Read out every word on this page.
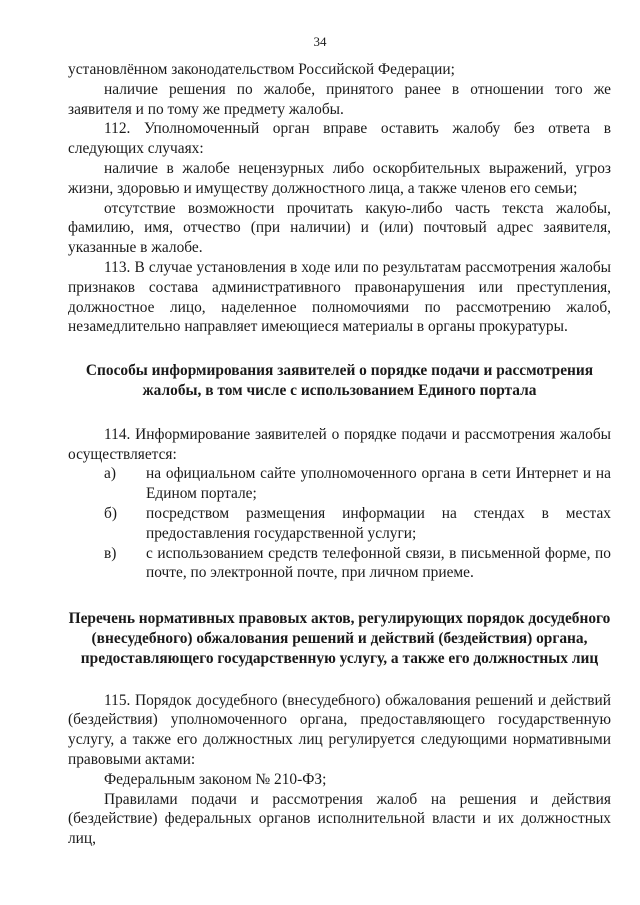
34

установлённом законодательством Российской Федерации;

наличие решения по жалобе, принятого ранее в отношении того же заявителя и по тому же предмету жалобы.

112. Уполномоченный орган вправе оставить жалобу без ответа в следующих случаях:

наличие в жалобе нецензурных либо оскорбительных выражений, угроз жизни, здоровью и имуществу должностного лица, а также членов его семьи;

отсутствие возможности прочитать какую-либо часть текста жалобы, фамилию, имя, отчество (при наличии) и (или) почтовый адрес заявителя, указанные в жалобе.

113. В случае установления в ходе или по результатам рассмотрения жалобы признаков состава административного правонарушения или преступления, должностное лицо, наделенное полномочиями по рассмотрению жалоб, незамедлительно направляет имеющиеся материалы в органы прокуратуры.

Способы информирования заявителей о порядке подачи и рассмотрения жалобы, в том числе с использованием Единого портала

114. Информирование заявителей о порядке подачи и рассмотрения жалобы осуществляется:

а)	на официальном сайте уполномоченного органа в сети Интернет и на Едином портале;
б)	посредством размещения информации на стендах в местах предоставления государственной услуги;
в)	с использованием средств телефонной связи, в письменной форме, по почте, по электронной почте, при личном приеме.

Перечень нормативных правовых актов, регулирующих порядок досудебного (внесудебного) обжалования решений и действий (бездействия) органа, предоставляющего государственную услугу, а также его должностных лиц

115. Порядок досудебного (внесудебного) обжалования решений и действий (бездействия) уполномоченного органа, предоставляющего государственную услугу, а также его должностных лиц регулируется следующими нормативными правовыми актами:

Федеральным законом № 210-ФЗ;

Правилами подачи и рассмотрения жалоб на решения и действия (бездействие) федеральных органов исполнительной власти и их должностных лиц,
